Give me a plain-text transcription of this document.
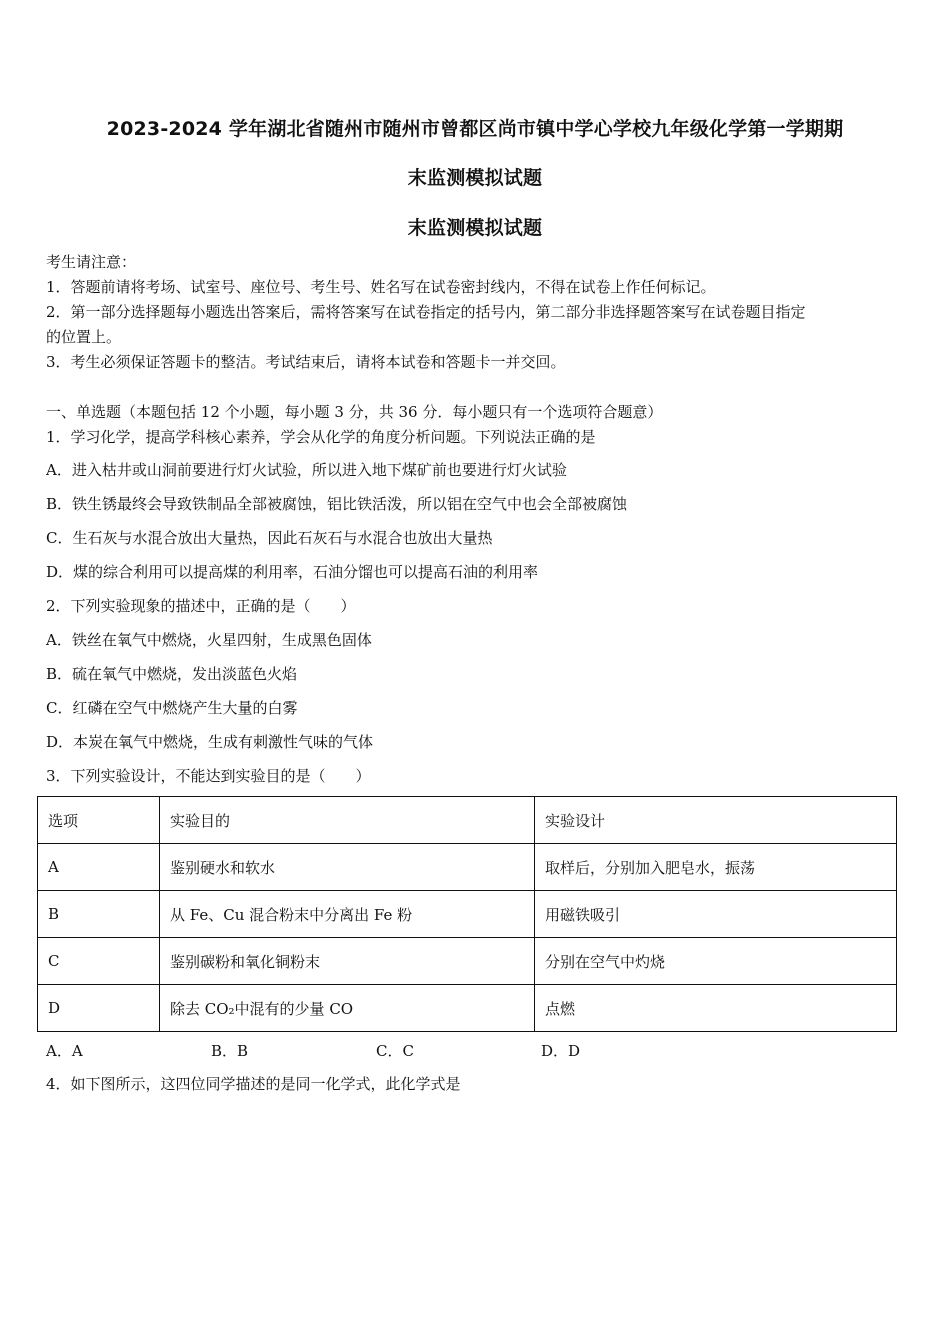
2023-2024 学年湖北省随州市随州市曾都区尚市镇中学心学校九年级化学第一学期期
末监测模拟试题
末监测模拟试题
考生请注意：
1．答题前请将考场、试室号、座位号、考生号、姓名写在试卷密封线内，不得在试卷上作任何标记。
2．第一部分选择题每小题选出答案后，需将答案写在试卷指定的括号内，第二部分非选择题答案写在试卷题目指定
的位置上。
3．考生必须保证答题卡的整洁。考试结束后，请将本试卷和答题卡一并交回。
一、单选题（本题包括 12 个小题，每小题 3 分，共 36 分．每小题只有一个选项符合题意）
1．学习化学，提高学科核心素养，学会从化学的角度分析问题。下列说法正确的是
A．进入枯井或山洞前要进行灯火试验，所以进入地下煤矿前也要进行灯火试验
B．铁生锈最终会导致铁制品全部被腐蚀，铝比铁活泼，所以铝在空气中也会全部被腐蚀
C．生石灰与水混合放出大量热，因此石灰石与水混合也放出大量热
D．煤的综合利用可以提高煤的利用率，石油分馏也可以提高石油的利用率
2．下列实验现象的描述中，正确的是（　　）
A．铁丝在氧气中燃烧，火星四射，生成黑色固体
B．硫在氧气中燃烧，发出淡蓝色火焰
C．红磷在空气中燃烧产生大量的白雾
D．本炭在氧气中燃烧，生成有刺激性气味的气体
3．下列实验设计，不能达到实验目的是（　　）
选项	实验目的	实验设计
A	鉴别硬水和软水	取样后，分别加入肥皂水，振荡
B	从 Fe、Cu 混合粉末中分离出 Fe 粉	用磁铁吸引
C	鉴别碳粉和氧化铜粉末	分别在空气中灼烧
D	除去 CO₂中混有的少量 CO	点燃
A．A	B．B	C．C	D．D
4．如下图所示，这四位同学描述的是同一化学式，此化学式是
